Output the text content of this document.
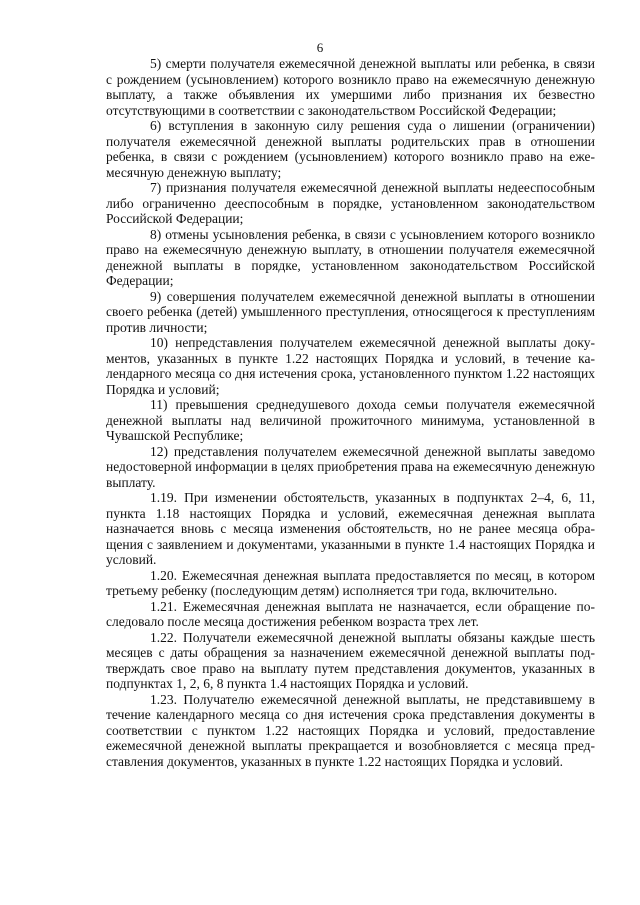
6

5) смерти получателя ежемесячной денежной выплаты или ребенка, в связи с рождением (усыновлением) которого возникло право на ежемесячную денежную выплату, а также объявления их умершими либо признания их безвестно отсутствующими в соответствии с законодательством Российской Федерации;

6) вступления в законную силу решения суда о лишении (ограничении) получателя ежемесячной денежной выплаты родительских прав в отношении ребенка, в связи с рождением (усыновлением) которого возникло право на ежемесячную денежную выплату;

7) признания получателя ежемесячной денежной выплаты недееспособным либо ограниченно дееспособным в порядке, установленном законодательством Российской Федерации;

8) отмены усыновления ребенка, в связи с усыновлением которого возникло право на ежемесячную денежную выплату, в отношении получателя ежемесячной денежной выплаты в порядке, установленном законодательством Российской Федерации;

9) совершения получателем ежемесячной денежной выплаты в отношении своего ребенка (детей) умышленного преступления, относящегося к преступлениям против личности;

10) непредставления получателем ежемесячной денежной выплаты документов, указанных в пункте 1.22 настоящих Порядка и условий, в течение календарного месяца со дня истечения срока, установленного пунктом 1.22 настоящих Порядка и условий;

11) превышения среднедушевого дохода семьи получателя ежемесячной денежной выплаты над величиной прожиточного минимума, установленной в Чувашской Республике;

12) представления получателем ежемесячной денежной выплаты заведомо недостоверной информации в целях приобретения права на ежемесячную денежную выплату.

1.19. При изменении обстоятельств, указанных в подпунктах 2–4, 6, 11, пункта 1.18 настоящих Порядка и условий, ежемесячная денежная выплата назначается вновь с месяца изменения обстоятельств, но не ранее месяца обращения с заявлением и документами, указанными в пункте 1.4 настоящих Порядка и условий.

1.20. Ежемесячная денежная выплата предоставляется по месяц, в котором третьему ребенку (последующим детям) исполняется три года, включительно.

1.21. Ежемесячная денежная выплата не назначается, если обращение последовало после месяца достижения ребенком возраста трех лет.

1.22. Получатели ежемесячной денежной выплаты обязаны каждые шесть месяцев с даты обращения за назначением ежемесячной денежной выплаты подтверждать свое право на выплату путем представления документов, указанных в подпунктах 1, 2, 6, 8 пункта 1.4 настоящих Порядка и условий.

1.23. Получателю ежемесячной денежной выплаты, не представившему в течение календарного месяца со дня истечения срока представления документы в соответствии с пунктом 1.22 настоящих Порядка и условий, предоставление ежемесячной денежной выплаты прекращается и возобновляется с месяца представления документов, указанных в пункте 1.22 настоящих Порядка и условий.
